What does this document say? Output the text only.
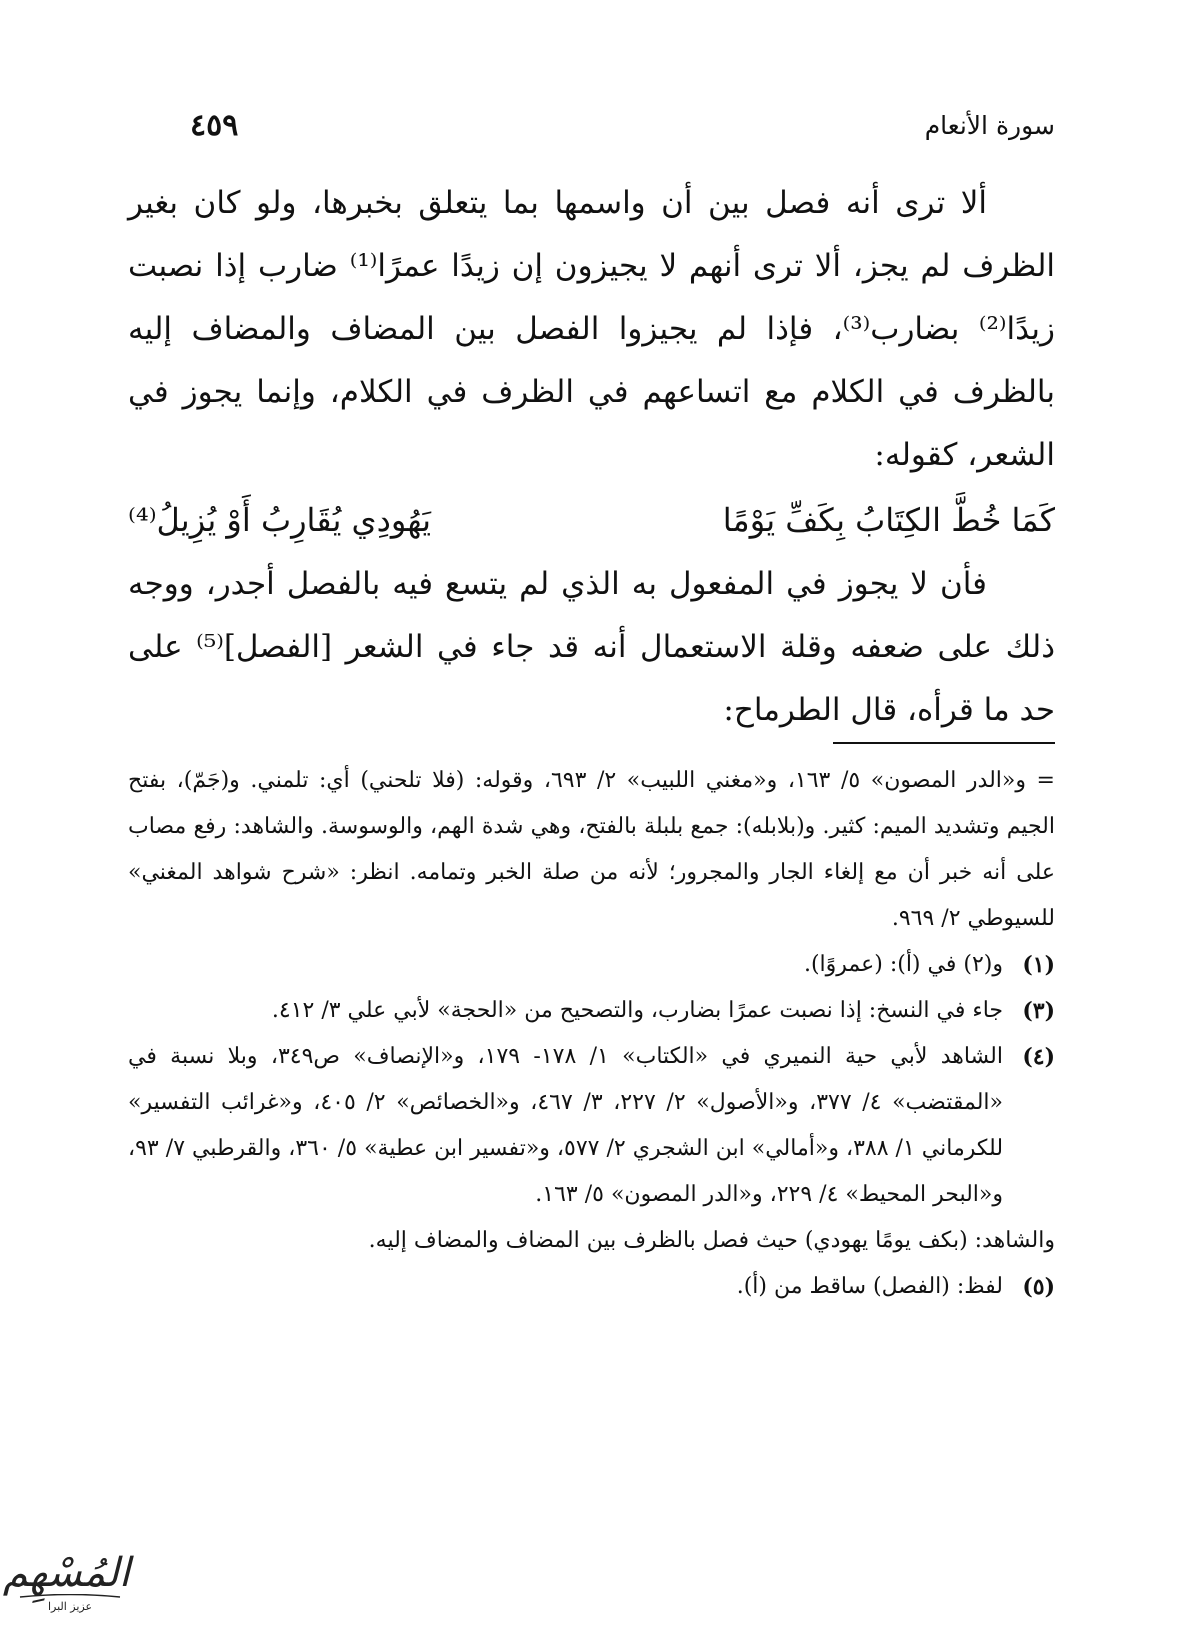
سورة الأنعام
٤٥٩

ألا ترى أنه فصل بين أن واسمها بما يتعلق بخبرها، ولو كان بغير الظرف لم يجز، ألا ترى أنهم لا يجيزون إن زيدًا عمرًا⁽¹⁾ ضارب إذا نصبت زيدًا⁽²⁾ بضارب⁽³⁾، فإذا لم يجيزوا الفصل بين المضاف والمضاف إليه بالظرف في الكلام مع اتساعهم في الظرف في الكلام، وإنما يجوز في الشعر، كقوله:

كَمَا خُطَّ الكِتَابُ بِكَفِّ يَوْمًا
يَهُودِي يُقَارِبُ أَوْ يُزِيلُ⁽⁴⁾

فأن لا يجوز في المفعول به الذي لم يتسع فيه بالفصل أجدر، ووجه ذلك على ضعفه وقلة الاستعمال أنه قد جاء في الشعر [الفصل]⁽⁵⁾ على حد ما قرأه، قال الطرماح:

= و«الدر المصون» ٥/ ١٦٣، و«مغني اللبيب» ٢/ ٦٩٣، وقوله: (فلا تلحني) أي: تلمني. و(جَمّ)، بفتح الجيم وتشديد الميم: كثير. و(بلابله): جمع بلبلة بالفتح، وهي شدة الهم، والوسوسة. والشاهد: رفع مصاب على أنه خبر أن مع إلغاء الجار والمجرور؛ لأنه من صلة الخبر وتمامه. انظر: «شرح شواهد المغني» للسيوطي ٢/ ٩٦٩.

(١)
و(٢) في (أ): (عمروًا).
(٣)
جاء في النسخ: إذا نصبت عمرًا بضارب، والتصحيح من «الحجة» لأبي علي ٣/ ٤١٢.
(٤)
الشاهد لأبي حية النميري في «الكتاب» ١/ ١٧٨- ١٧٩، و«الإنصاف» ص٣٤٩، وبلا نسبة في «المقتضب» ٤/ ٣٧٧، و«الأصول» ٢/ ٢٢٧، ٣/ ٤٦٧، و«الخصائص» ٢/ ٤٠٥، و«غرائب التفسير» للكرماني ١/ ٣٨٨، و«أمالي» ابن الشجري ٢/ ٥٧٧، و«تفسير ابن عطية» ٥/ ٣٦٠، والقرطبي ٧/ ٩٣، و«البحر المحيط» ٤/ ٢٢٩، و«الدر المصون» ٥/ ١٦٣.

والشاهد: (بكف يومًا يهودي) حيث فصل بالظرف بين المضاف والمضاف إليه.

(٥)
لفظ: (الفصل) ساقط من (أ).
المُسْهِم
عزيز البرا
